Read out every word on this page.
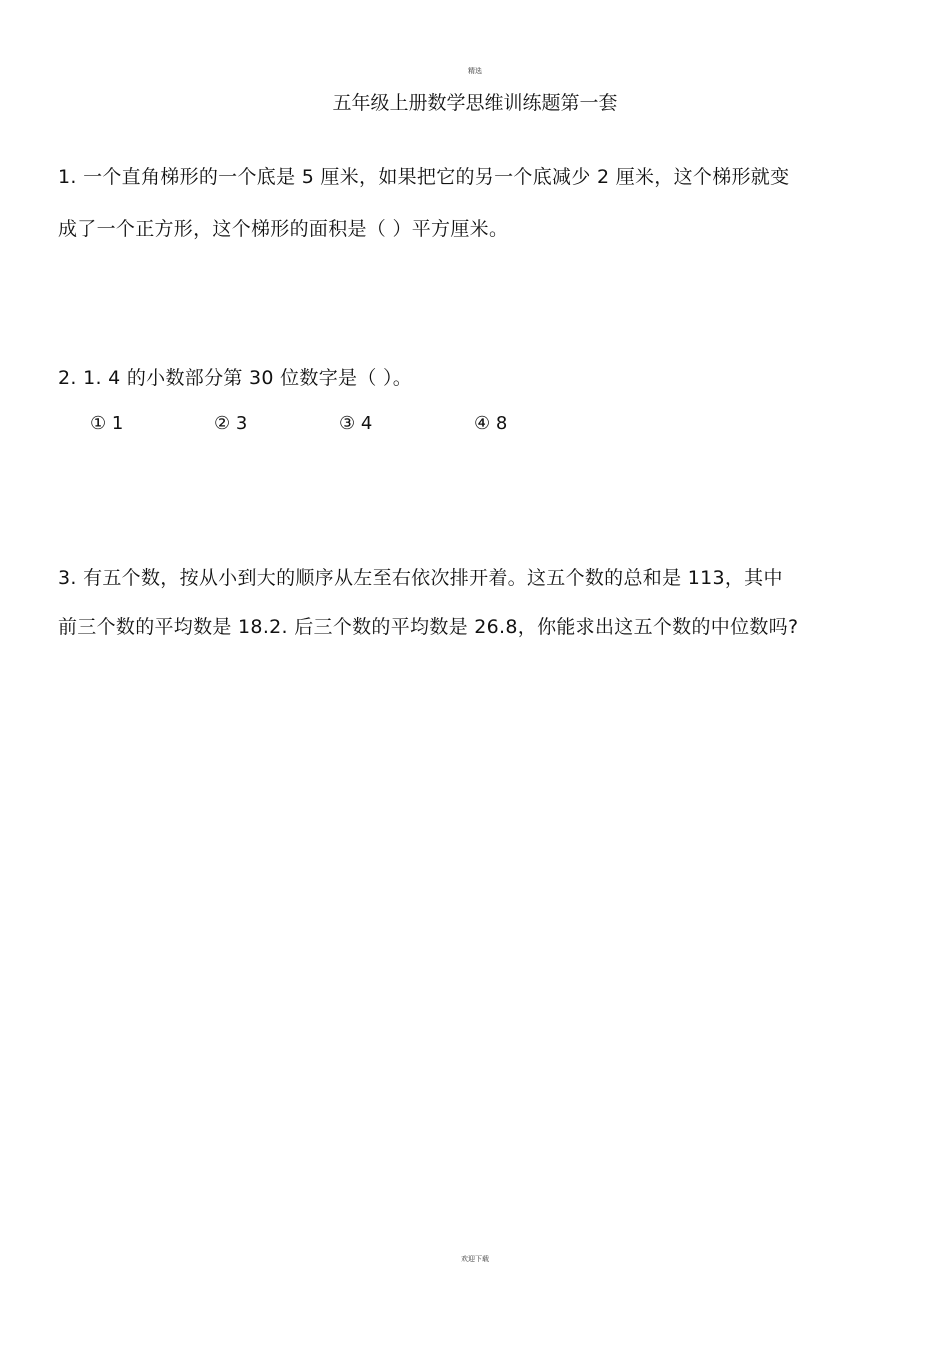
精选
五年级上册数学思维训练题第一套
1. 一个直角梯形的一个底是 5 厘米，如果把它的另一个底减少 2 厘米，这个梯形就变
成了一个正方形，这个梯形的面积是（ ）平方厘米。
2. 1. 4 的小数部分第 30 位数字是（ ）。
① 1	② 3	③ 4	④ 8
3. 有五个数，按从小到大的顺序从左至右依次排开着。这五个数的总和是 113，其中
前三个数的平均数是 18.2. 后三个数的平均数是 26.8，你能求出这五个数的中位数吗?
欢迎下载
